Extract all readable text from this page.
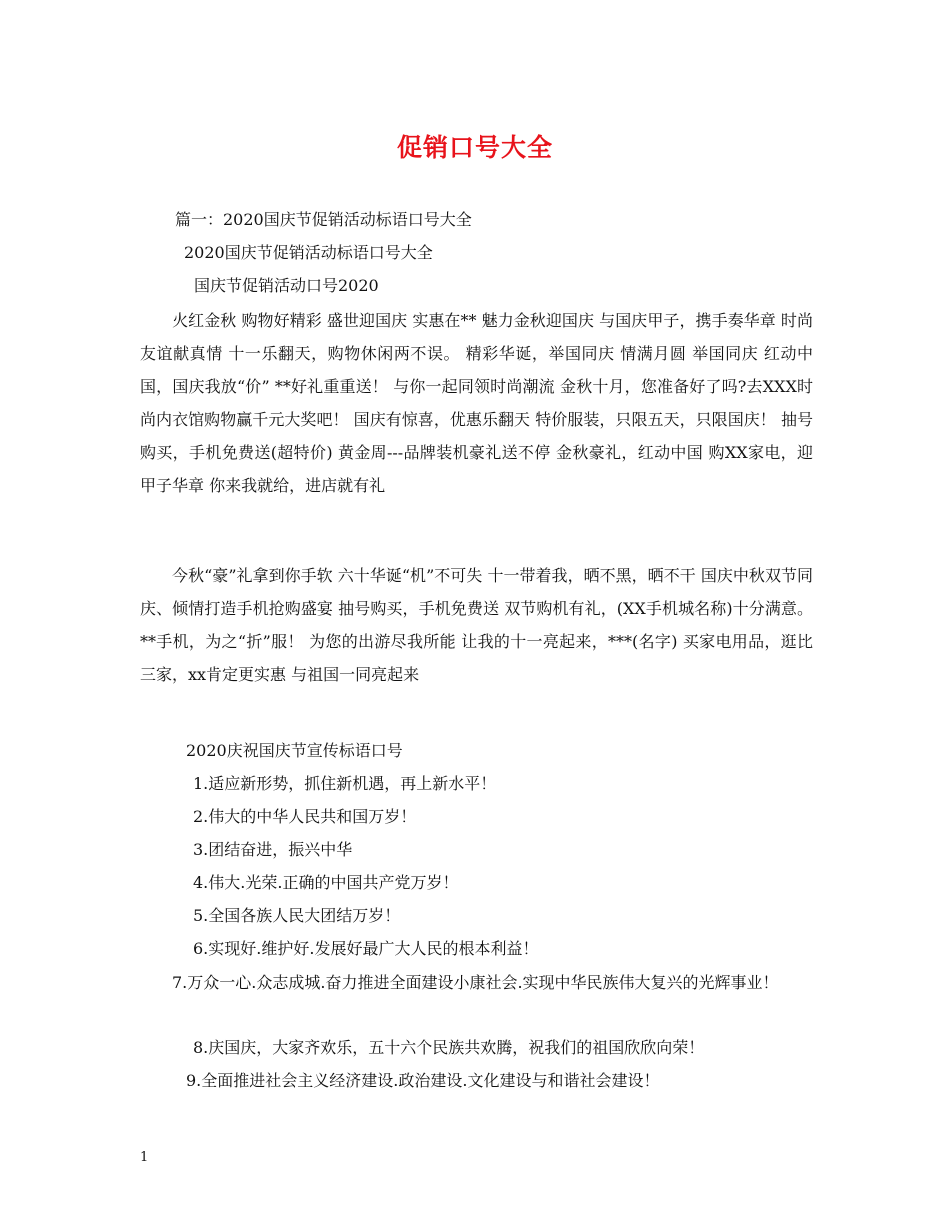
促销口号大全
篇一：2020国庆节促销活动标语口号大全
2020国庆节促销活动标语口号大全
国庆节促销活动口号2020
　　火红金秋 购物好精彩 盛世迎国庆 实惠在** 魅力金秋迎国庆 与国庆甲子，携手奏华章 时尚友谊献真情 十一乐翻天，购物休闲两不误。 精彩华诞，举国同庆 情满月圆 举国同庆 红动中国，国庆我放“价” **好礼重重送！ 与你一起同领时尚潮流 金秋十月，您准备好了吗?去XXX时尚内衣馆购物赢千元大奖吧！ 国庆有惊喜，优惠乐翻天 特价服装，只限五天，只限国庆！ 抽号购买，手机免费送(超特价) 黄金周---品牌装机豪礼送不停 金秋豪礼，红动中国 购XX家电，迎甲子华章 你来我就给，进店就有礼
　　今秋“豪”礼拿到你手软 六十华诞“机”不可失 十一带着我，晒不黑，晒不干 国庆中秋双节同庆、倾情打造手机抢购盛宴 抽号购买，手机免费送 双节购机有礼，(XX手机城名称)十分满意。 **手机，为之“折”服！ 为您的出游尽我所能 让我的十一亮起来，***(名字) 买家电用品，逛比三家，xx肯定更实惠 与祖国一同亮起来
2020庆祝国庆节宣传标语口号
1.适应新形势，抓住新机遇，再上新水平！
2.伟大的中华人民共和国万岁！
3.团结奋进，振兴中华
4.伟大.光荣.正确的中国共产党万岁！
5.全国各族人民大团结万岁！
6.实现好.维护好.发展好最广大人民的根本利益！
　　7.万众一心.众志成城.奋力推进全面建设小康社会.实现中华民族伟大复兴的光辉事业！
8.庆国庆，大家齐欢乐，五十六个民族共欢腾，祝我们的祖国欣欣向荣！
9.全面推进社会主义经济建设.政治建设.文化建设与和谐社会建设！
1
